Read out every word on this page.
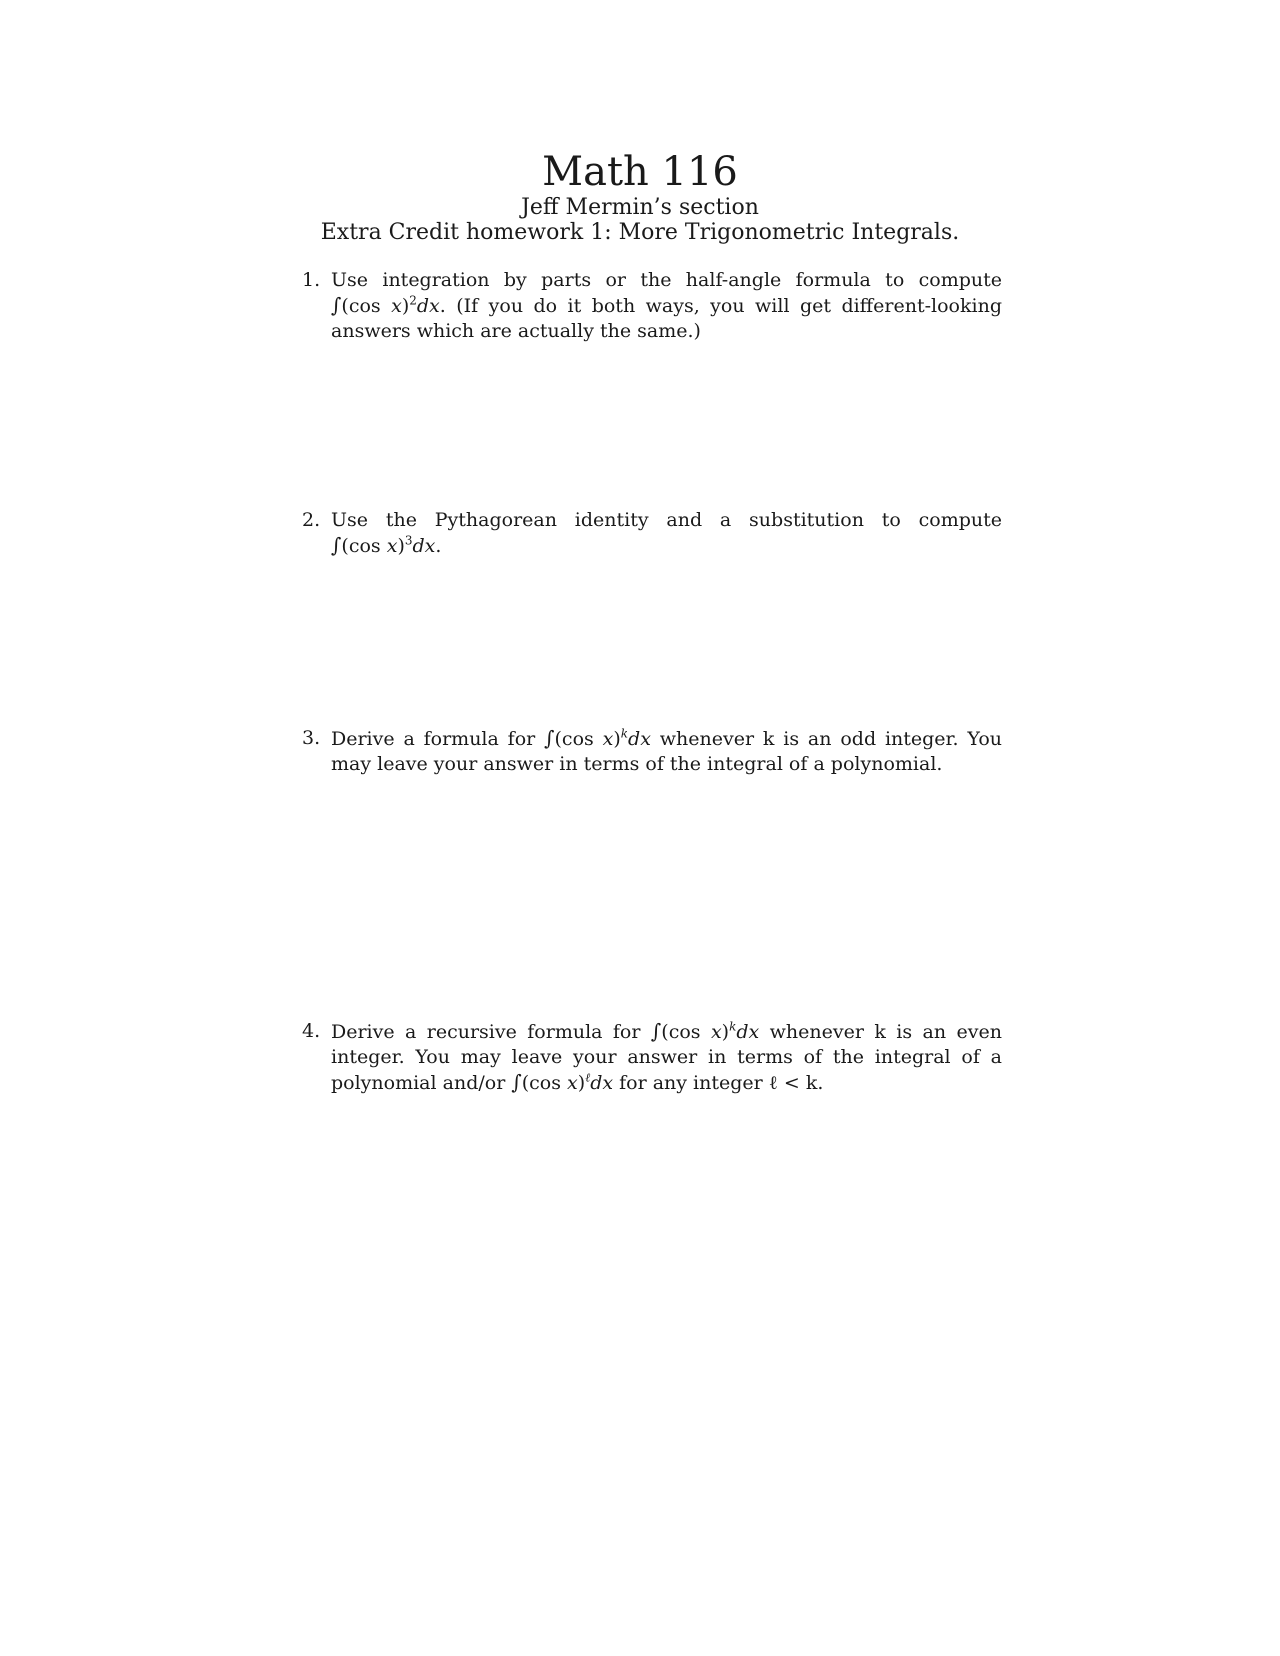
Math 116
Jeff Mermin’s section
Extra Credit homework 1: More Trigonometric Integrals.
1. Use integration by parts or the half-angle formula to compute ∫(cos x)$^2$dx. (If you do it both ways, you will get different-looking answers which are actually the same.)
2. Use the Pythagorean identity and a substitution to compute ∫(cos x)$^3$dx.
3. Derive a formula for ∫(cos x)$^k$dx whenever k is an odd integer. You may leave your answer in terms of the integral of a polynomial.
4. Derive a recursive formula for ∫(cos x)$^k$dx whenever k is an even integer. You may leave your answer in terms of the integral of a polynomial and/or ∫(cos x)$^\ell$dx for any integer ℓ < k.
